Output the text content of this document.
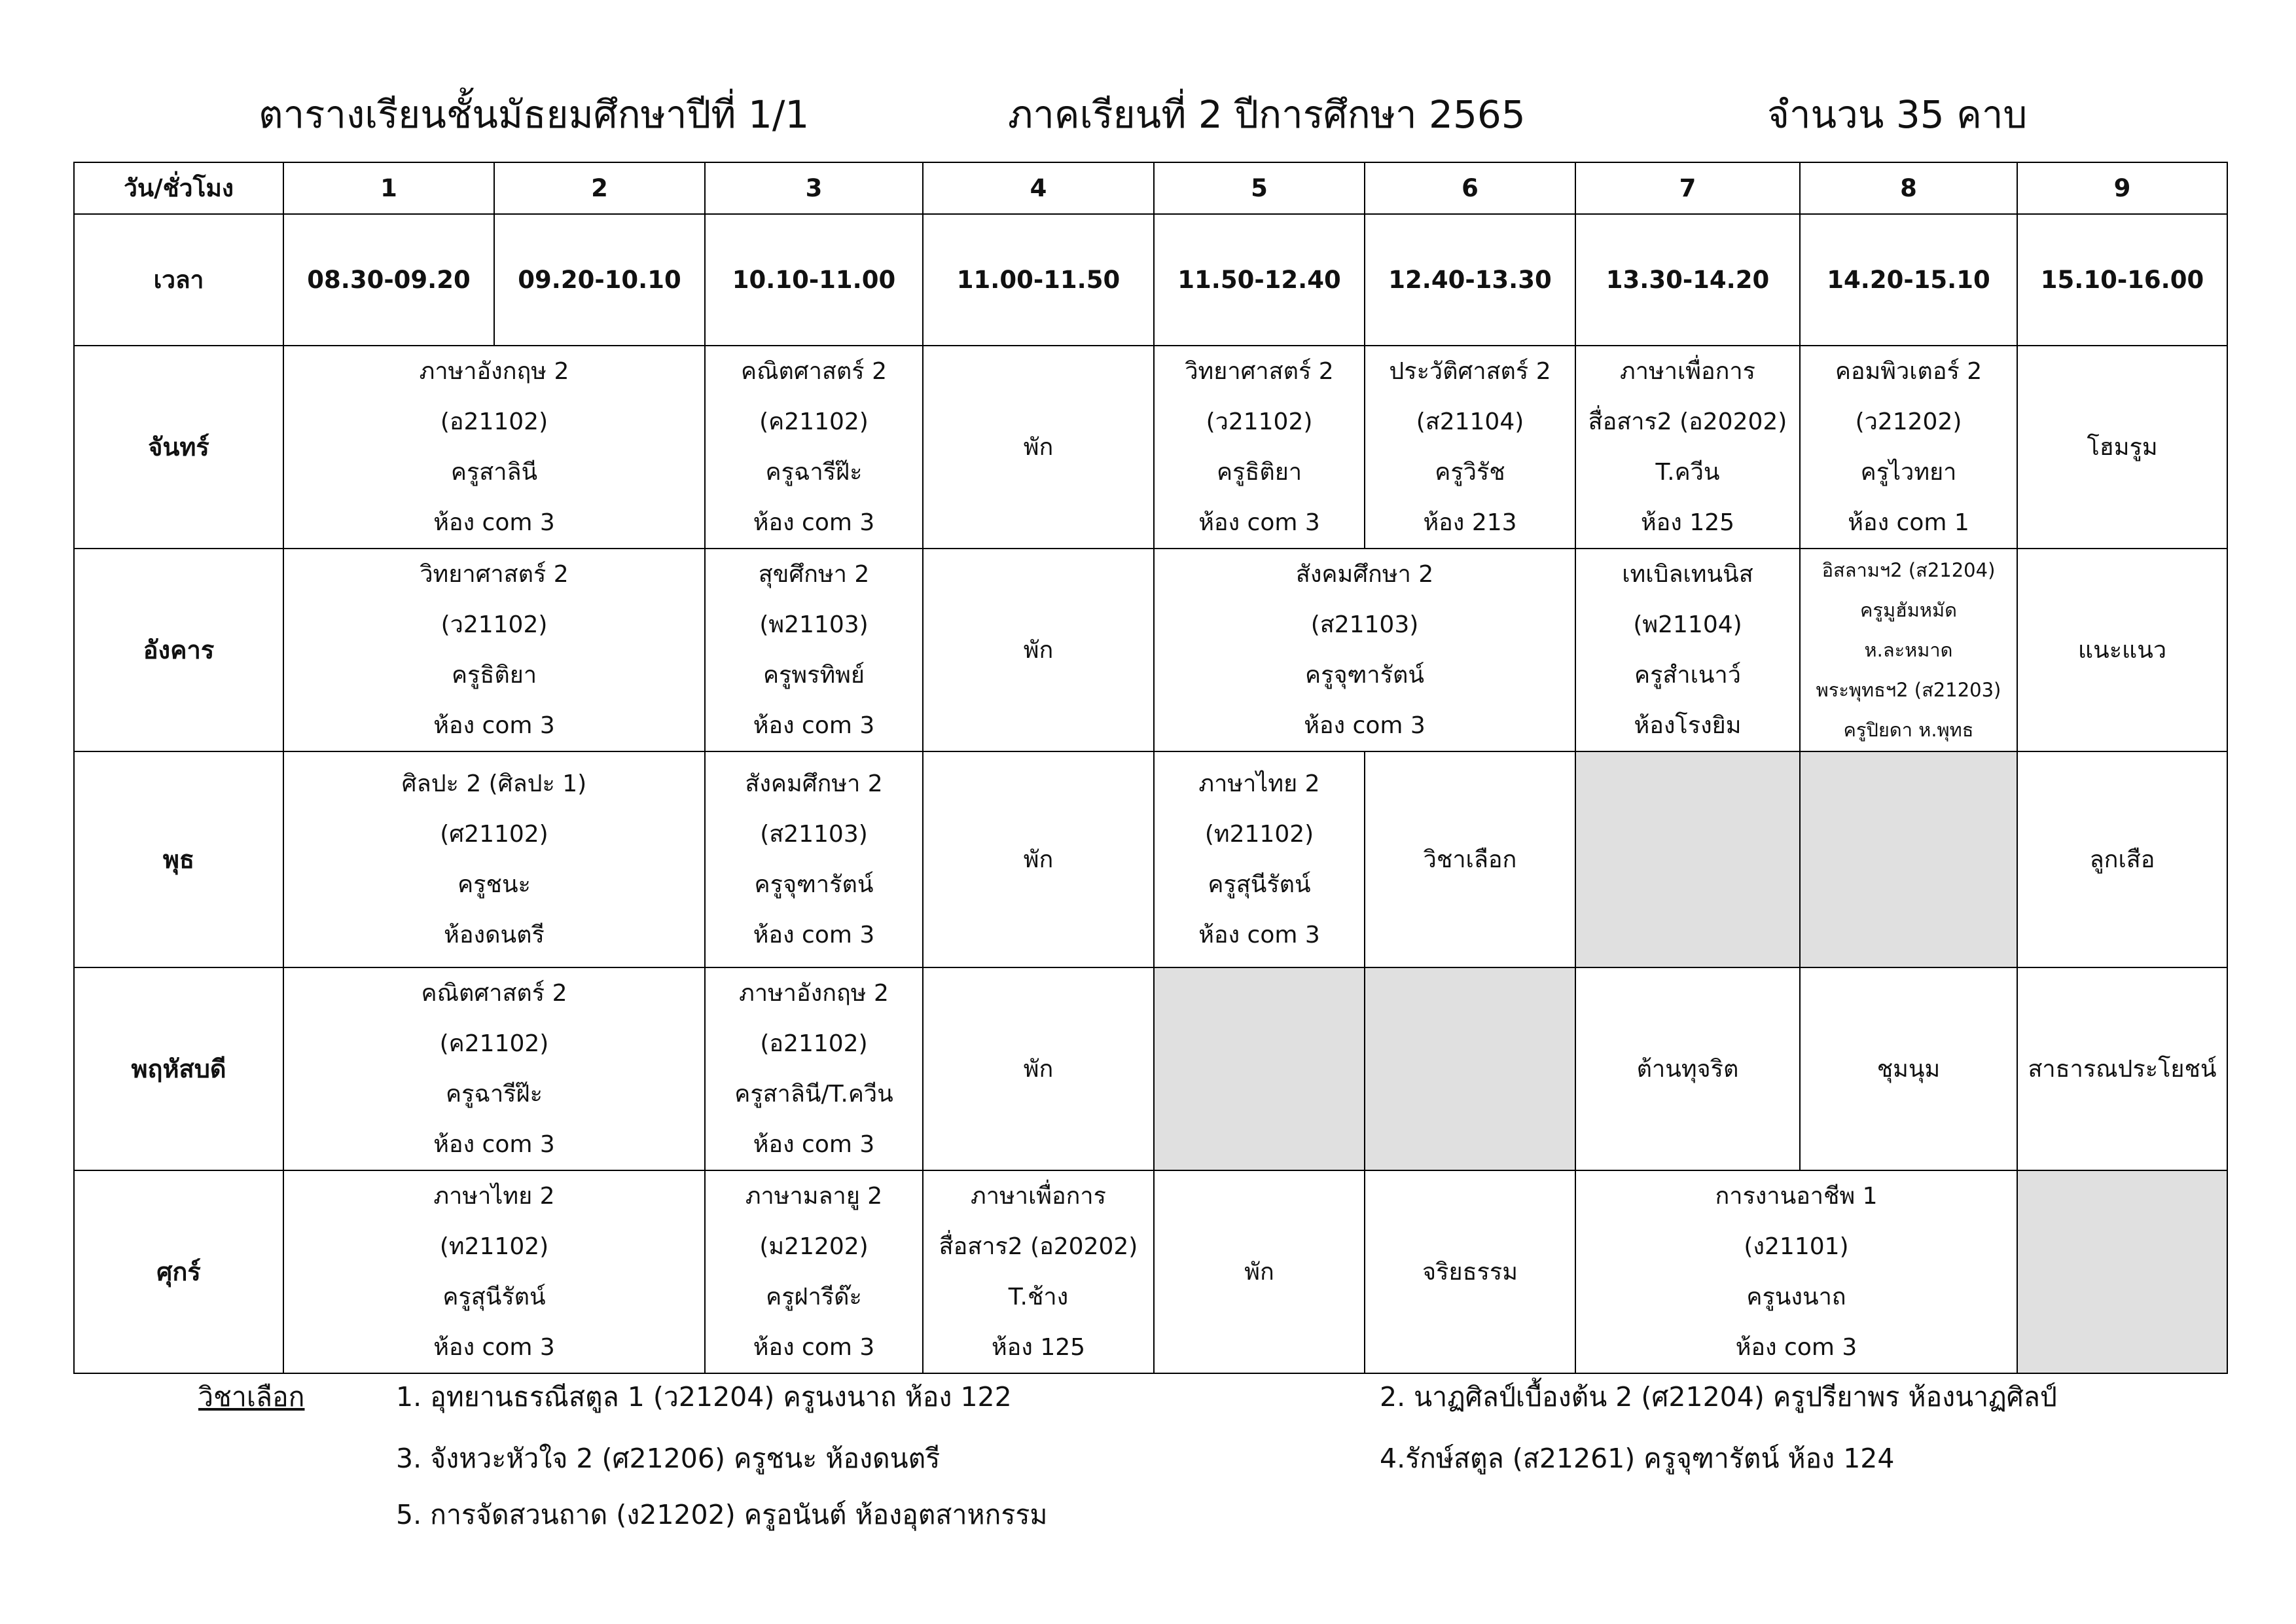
ตารางเรียนชั้นมัธยมศึกษาปีที่ 1/1	ภาคเรียนที่ 2 ปีการศึกษา 2565	จำนวน 35 คาบ
วัน/ชั่วโมง	1	2	3	4	5	6	7	8	9
เวลา	08.30-09.20	09.20-10.10	10.10-11.00	11.00-11.50	11.50-12.40	12.40-13.30	13.30-14.20	14.20-15.10	15.10-16.00
จันทร์	ภาษาอังกฤษ 2
(อ21102)
ครูสาลินี
ห้อง com 3		คณิตศาสตร์ 2
(ค21102)
ครูฉารีฝ๊ะ
ห้อง com 3	พัก	วิทยาศาสตร์ 2
(ว21102)
ครูธิติยา
ห้อง com 3	ประวัติศาสตร์ 2
(ส21104)
ครูวิรัช
ห้อง 213	ภาษาเพื่อการ
สื่อสาร2 (อ20202)
T.ควีน
ห้อง 125	คอมพิวเตอร์ 2
(ว21202)
ครูไวทยา
ห้อง com 1	โฮมรูม

อังคาร	วิทยาศาสตร์ 2
(ว21102)
ครูธิติยา
ห้อง com 3		สุขศึกษา 2
(พ21103)
ครูพรทิพย์
ห้อง com 3	พัก	สังคมศึกษา 2
(ส21103)
ครูจุฑารัตน์
ห้อง com 3		เทเบิลเทนนิส
(พ21104)
ครูสำเนาว์
ห้องโรงยิม	อิสลามฯ2 (ส21204)
ครูมูฮัมหมัด
ห.ละหมาด
พระพุทธฯ2 (ส21203)
ครูปิยดา ห.พุทธ	แนะแนว

พุธ	ศิลปะ 2 (ศิลปะ 1)
(ศ21102)
ครูชนะ
ห้องดนตรี		สังคมศึกษา 2
(ส21103)
ครูจุฑารัตน์
ห้อง com 3	พัก	ภาษาไทย 2
(ท21102)
ครูสุนีรัตน์
ห้อง com 3	วิชาเลือก			ลูกเสือ

พฤหัสบดี	คณิตศาสตร์ 2
(ค21102)
ครูฉารีฝ๊ะ
ห้อง com 3		ภาษาอังกฤษ 2
(อ21102)
ครูสาลินี/T.ควีน
ห้อง com 3	พัก			ต้านทุจริต	ชุมนุม	สาธารณประโยชน์

ศุกร์	ภาษาไทย 2
(ท21102)
ครูสุนีรัตน์
ห้อง com 3		ภาษามลายู 2
(ม21202)
ครูฝารีด๊ะ
ห้อง com 3	ภาษาเพื่อการ
สื่อสาร2 (อ20202)
T.ช้าง
ห้อง 125	พัก	จริยธรรม	การงานอาชีพ 1
(ง21101)
ครูนงนาถ
ห้อง com 3		

วิชาเลือก	1. อุทยานธรณีสตูล 1 (ว21204) ครูนงนาถ ห้อง 122	2. นาฏศิลป์เบื้องต้น 2 (ศ21204) ครูปรียาพร ห้องนาฏศิลป์
3. จังหวะหัวใจ 2 (ศ21206) ครูชนะ ห้องดนตรี	4.รักษ์สตูล (ส21261) ครูจุฑารัตน์ ห้อง 124
5. การจัดสวนถาด (ง21202) ครูอนันต์ ห้องอุตสาหกรรม
